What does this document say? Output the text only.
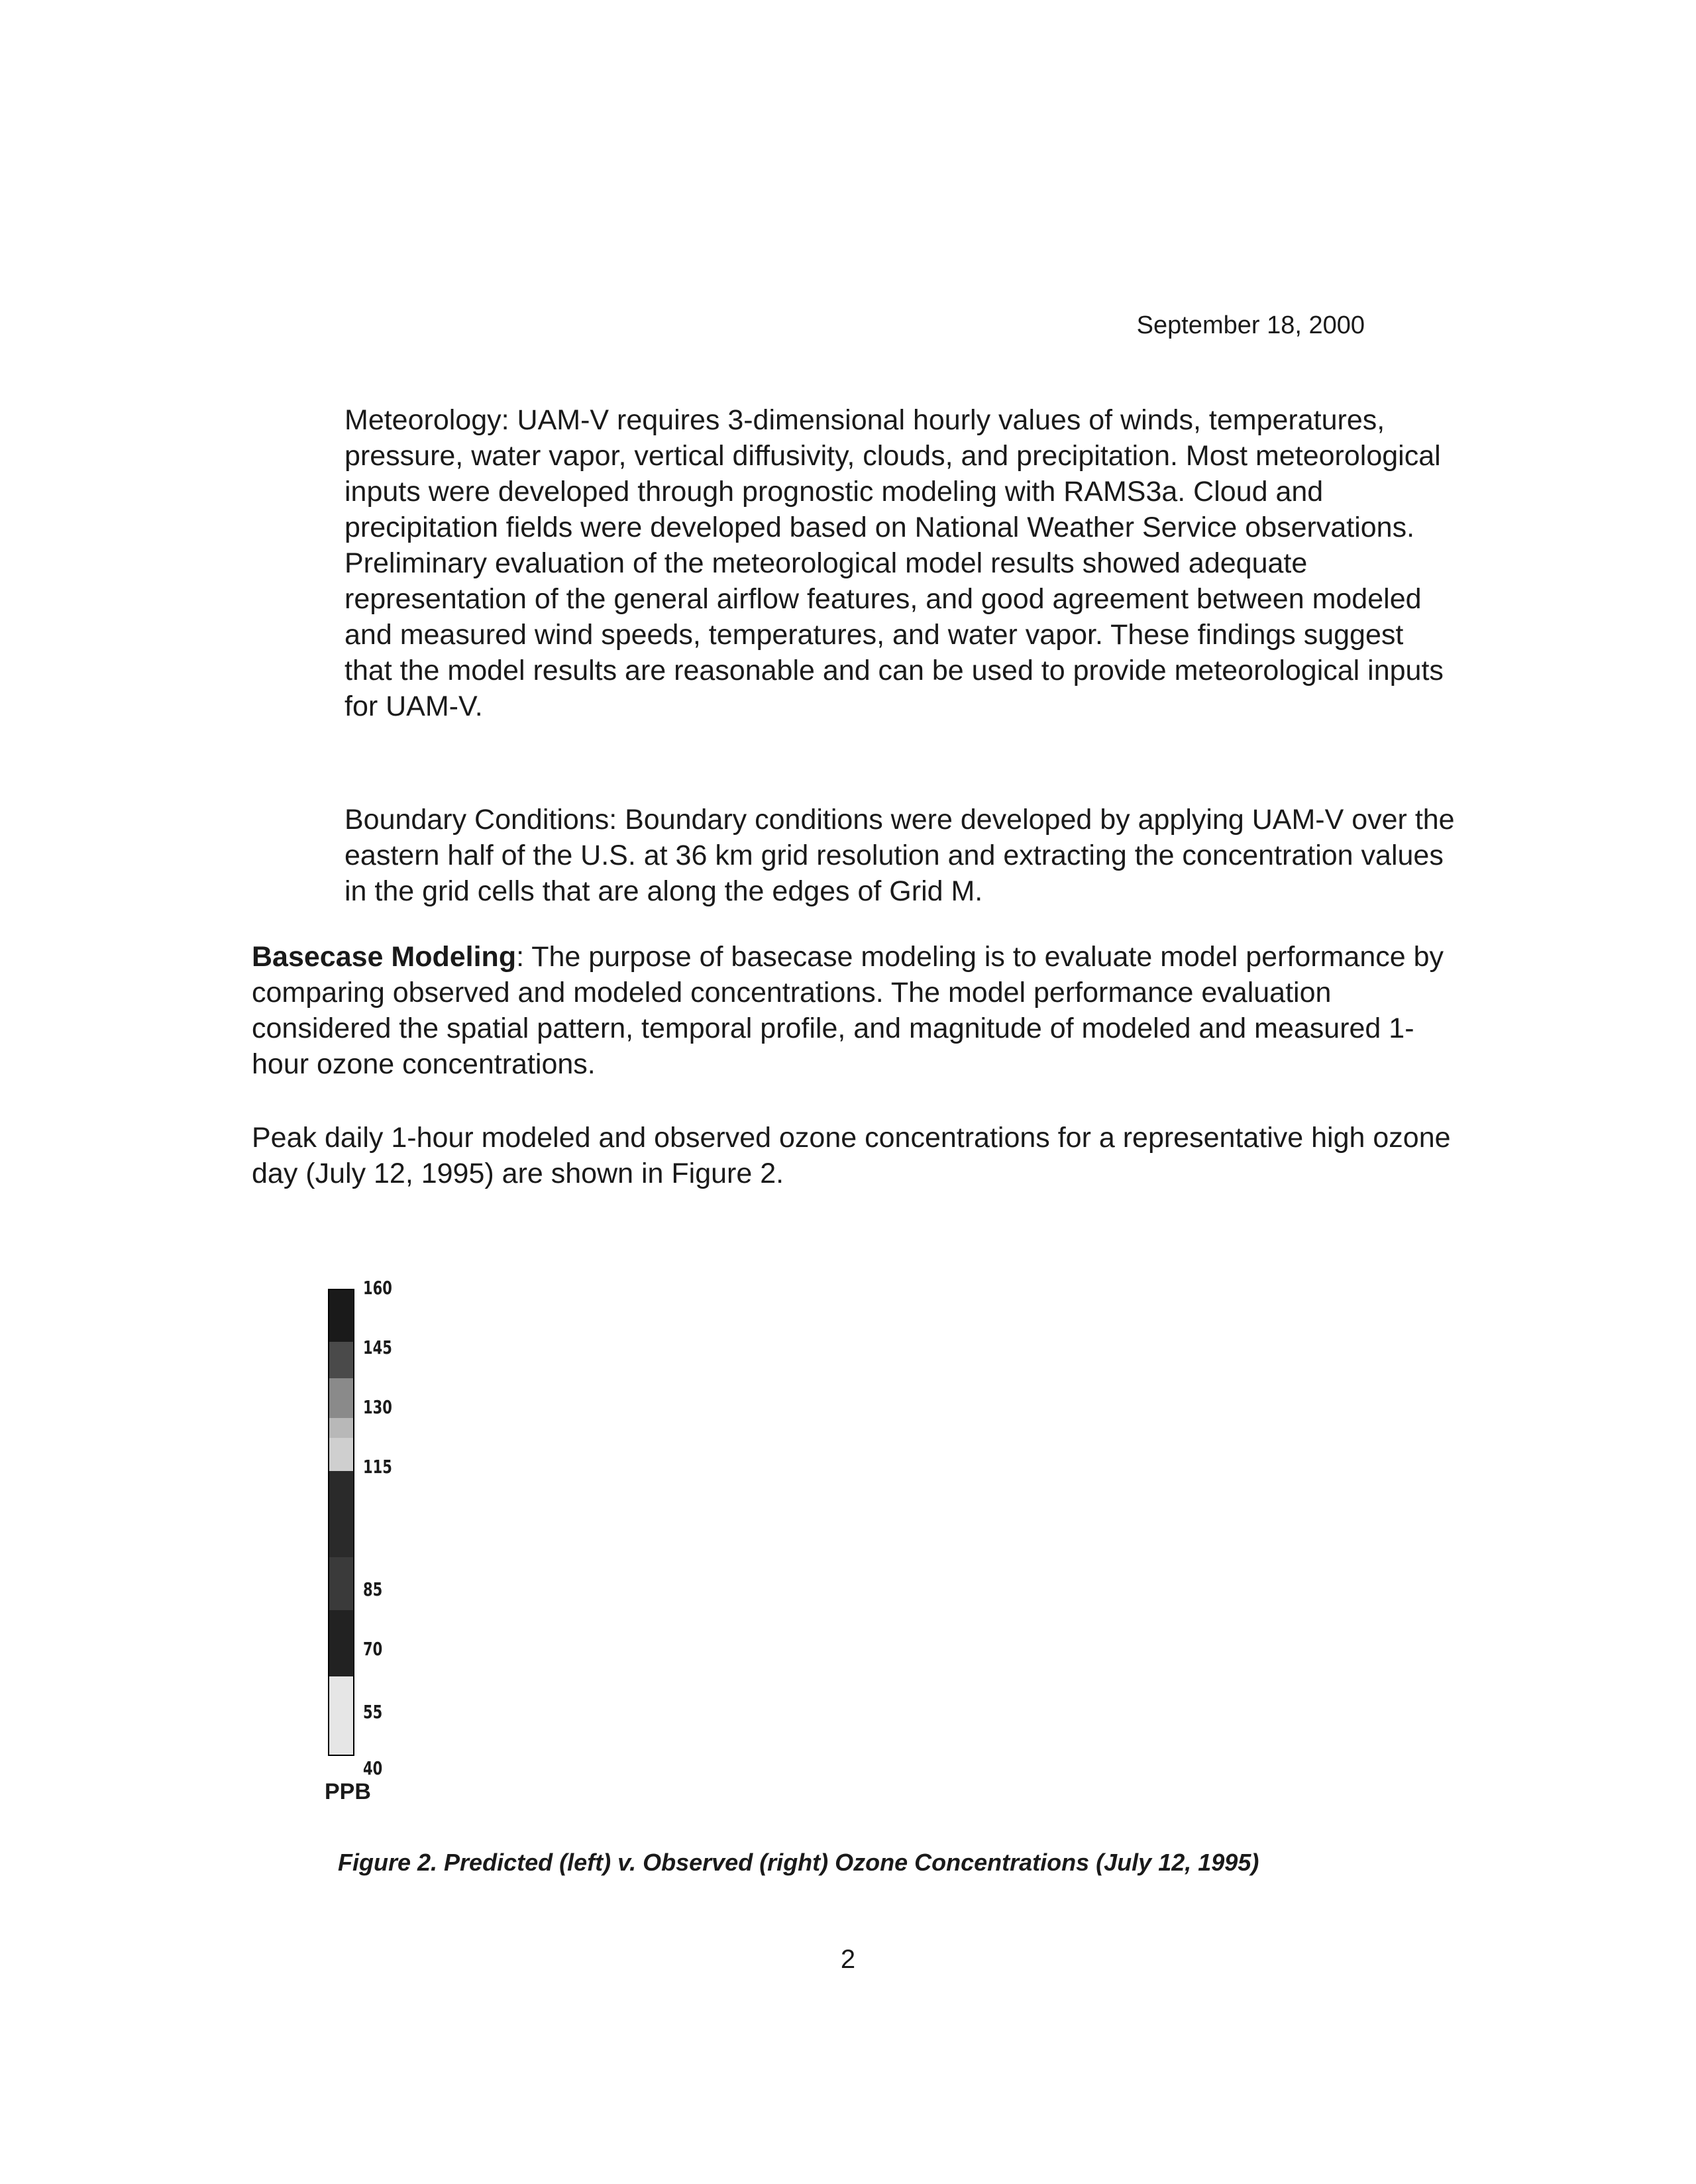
September 18, 2000

Meteorology: UAM-V requires 3-dimensional hourly values of winds, temperatures, pressure, water vapor, vertical diffusivity, clouds, and precipitation. Most meteorological inputs were developed through prognostic modeling with RAMS3a. Cloud and precipitation fields were developed based on National Weather Service observations. Preliminary evaluation of the meteorological model results showed adequate representation of the general airflow features, and good agreement between modeled and measured wind speeds, temperatures, and water vapor. These findings suggest that the model results are reasonable and can be used to provide meteorological inputs for UAM-V.

Boundary Conditions: Boundary conditions were developed by applying UAM-V over the eastern half of the U.S. at 36 km grid resolution and extracting the concentration values in the grid cells that are along the edges of Grid M.

Basecase Modeling: The purpose of basecase modeling is to evaluate model performance by comparing observed and modeled concentrations. The model performance evaluation considered the spatial pattern, temporal profile, and magnitude of modeled and measured 1-hour ozone concentrations.

Peak daily 1-hour modeled and observed ozone concentrations for a representative high ozone day (July 12, 1995) are shown in Figure 2.

160
145
130
115
85
70
55
40
PPB
Figure 2. Predicted (left) v. Observed (right) Ozone Concentrations (July 12, 1995)
2
